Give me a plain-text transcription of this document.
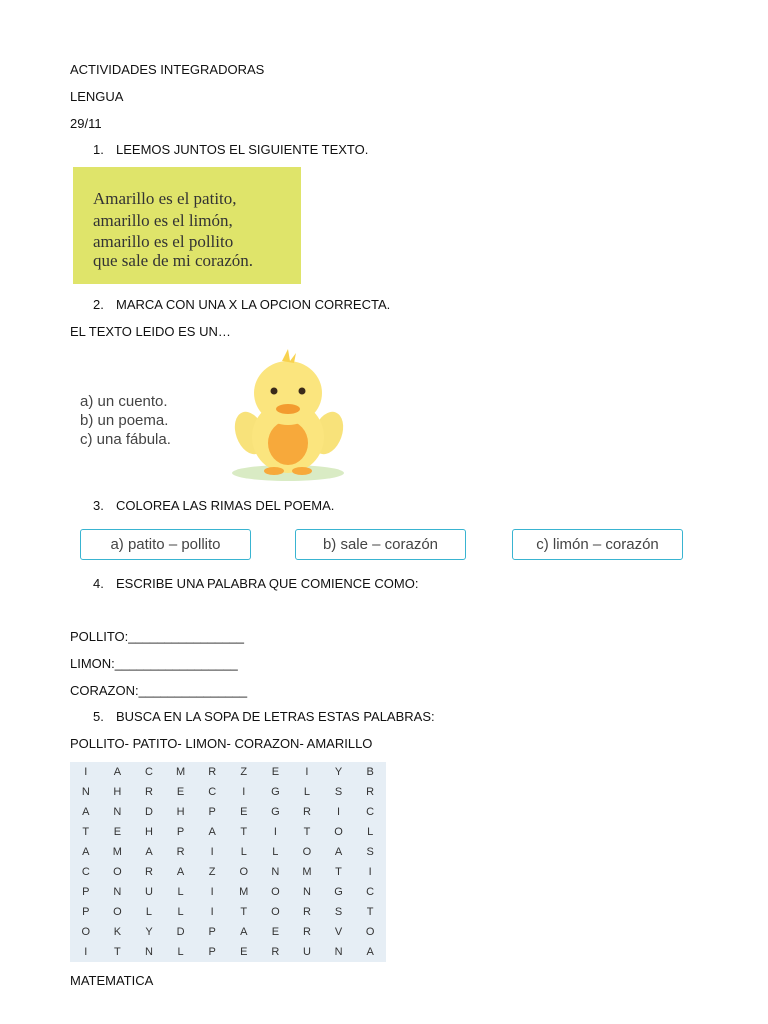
ACTIVIDADES INTEGRADORAS
LENGUA
29/11
1. LEEMOS JUNTOS EL SIGUIENTE TEXTO.
Amarillo es el patito,
amarillo es el limón,
amarillo es el pollito
que sale de mi corazón.
2. MARCA CON UNA X LA OPCION CORRECTA.
EL TEXTO LEIDO ES UN…
a) un cuento.
b) un poema.
c) una fábula.
3. COLOREA LAS RIMAS DEL POEMA.
a) patito – pollito	b) sale – corazón	c) limón – corazón
4. ESCRIBE UNA PALABRA QUE COMIENCE COMO:
POLLITO:________________
LIMON:_________________
CORAZON:_______________
5. BUSCA EN LA SOPA DE LETRAS ESTAS PALABRAS:
POLLITO- PATITO- LIMON- CORAZON- AMARILLO
I	A	C	M	R	Z	E	I	Y	B
N	H	R	E	C	I	G	L	S	R
A	N	D	H	P	E	G	R	I	C
T	E	H	P	A	T	I	T	O	L
A	M	A	R	I	L	L	O	A	S
C	O	R	A	Z	O	N	M	T	I
P	N	U	L	I	M	O	N	G	C
P	O	L	L	I	T	O	R	S	T
O	K	Y	D	P	A	E	R	V	O
I	T	N	L	P	E	R	U	N	A
MATEMATICA
